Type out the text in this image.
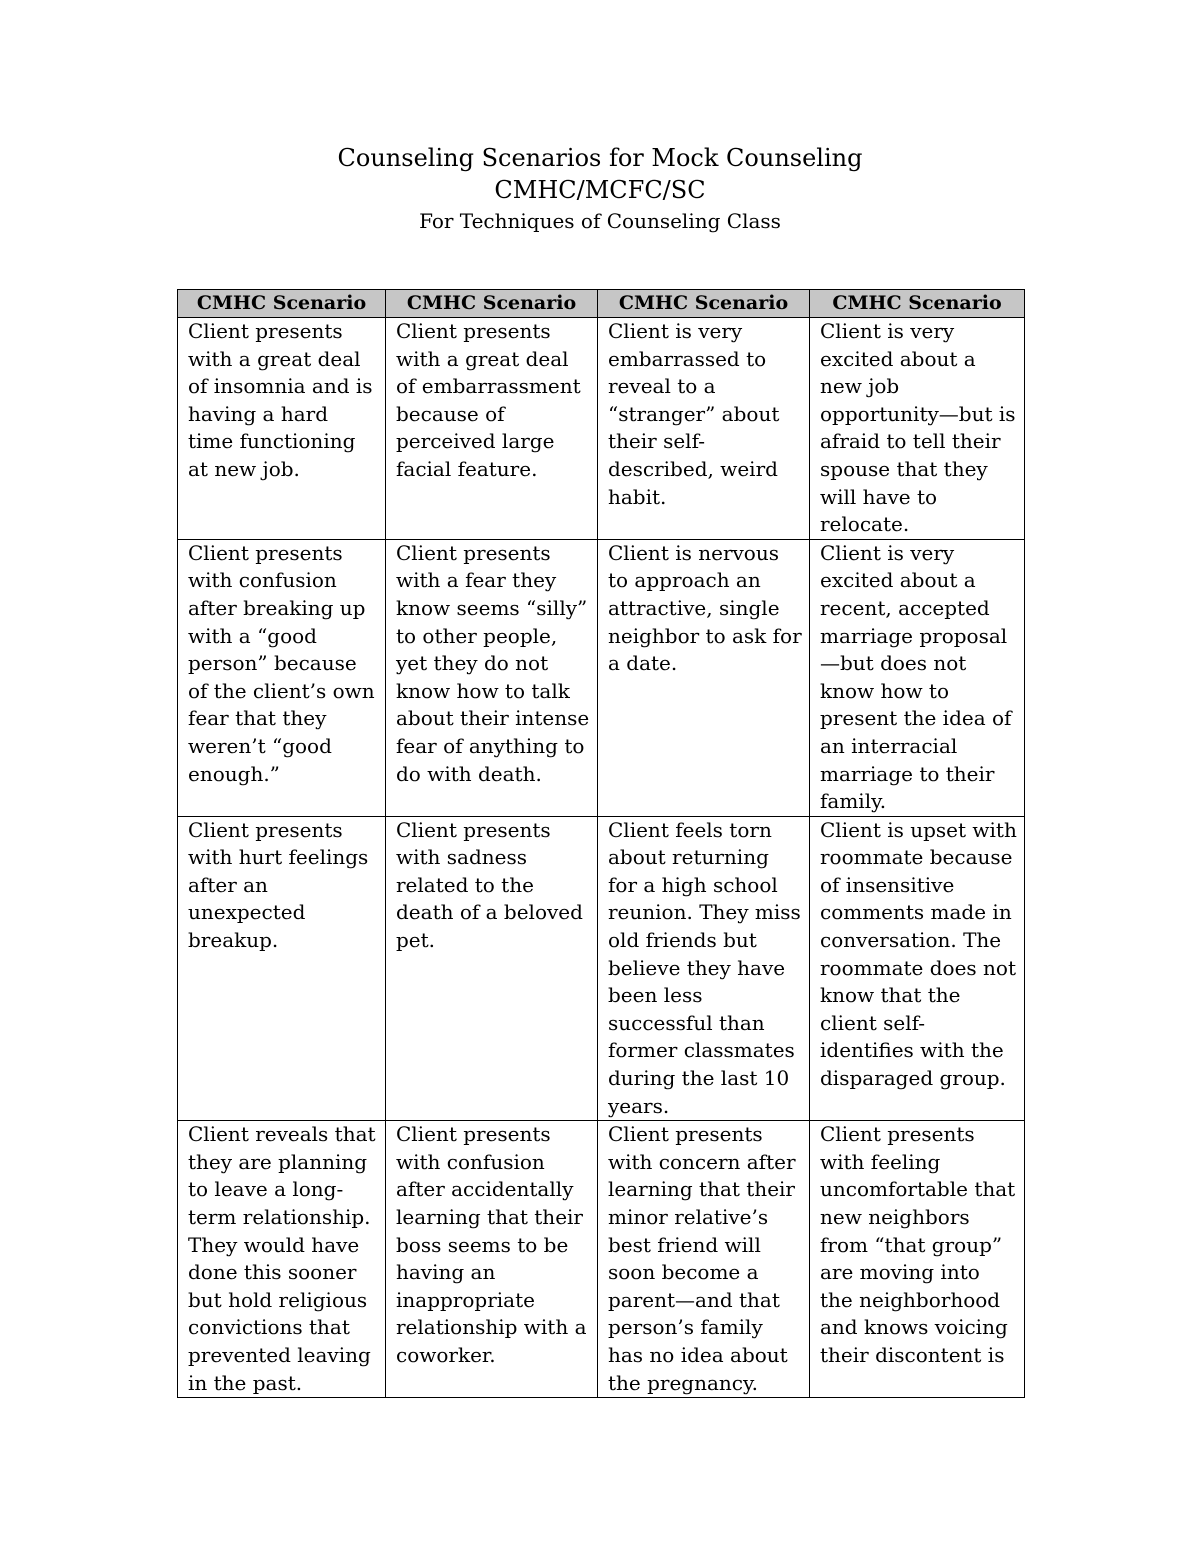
Counseling Scenarios for Mock Counseling
CMHC/MCFC/SC
For Techniques of Counseling Class
CMHC Scenario	CMHC Scenario	CMHC Scenario	CMHC Scenario
Client presents with a great deal of insomnia and is having a hard time functioning at new job.	Client presents with a great deal of embarrassment because of perceived large facial feature.	Client is very embarrassed to reveal to a “stranger” about their self-described, weird habit.	Client is very excited about a new job opportunity—but is afraid to tell their spouse that they will have to relocate.
Client presents with confusion after breaking up with a “good person” because of the client’s own fear that they weren’t “good enough.”	Client presents with a fear they know seems “silly” to other people, yet they do not know how to talk about their intense fear of anything to do with death.	Client is nervous to approach an attractive, single neighbor to ask for a date.	Client is very excited about a recent, accepted marriage proposal—but does not know how to present the idea of an interracial marriage to their family.
Client presents with hurt feelings after an unexpected breakup.	Client presents with sadness related to the death of a beloved pet.	Client feels torn about returning for a high school reunion. They miss old friends but believe they have been less successful than former classmates during the last 10 years.	Client is upset with roommate because of insensitive comments made in conversation. The roommate does not know that the client self-identifies with the disparaged group.
Client reveals that they are planning to leave a long-term relationship. They would have done this sooner but hold religious convictions that prevented leaving in the past.	Client presents with confusion after accidentally learning that their boss seems to be having an inappropriate relationship with a coworker.	Client presents with concern after learning that their minor relative’s best friend will soon become a parent—and that person’s family has no idea about the pregnancy.	Client presents with feeling uncomfortable that new neighbors from “that group” are moving into the neighborhood and knows voicing their discontent is
